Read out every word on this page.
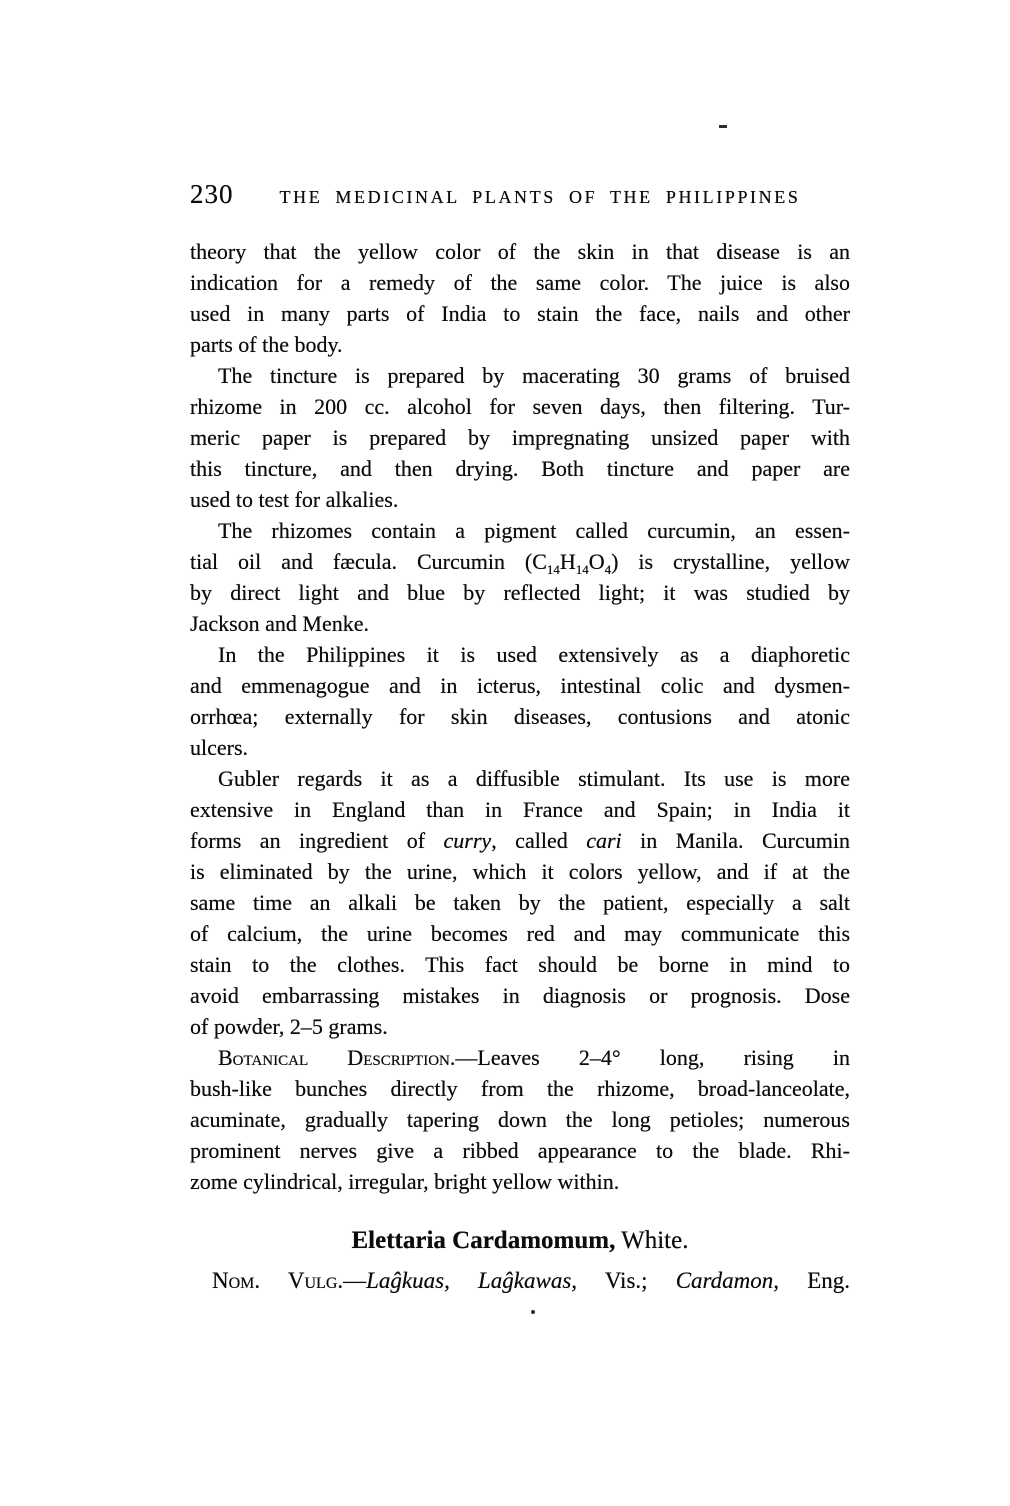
230	THE MEDICINAL PLANTS OF THE PHILIPPINES
theory that the yellow color of the skin in that disease is an
indication for a remedy of the same color. The juice is also
used in many parts of India to stain the face, nails and other
parts of the body.
The tincture is prepared by macerating 30 grams of bruised
rhizome in 200 cc. alcohol for seven days, then filtering. Tur-
meric paper is prepared by impregnating unsized paper with
this tincture, and then drying. Both tincture and paper are
used to test for alkalies.
The rhizomes contain a pigment called curcumin, an essen-
tial oil and fæcula. Curcumin $(C_{14}H_{14}O_4)$ is crystalline, yellow
by direct light and blue by reflected light; it was studied by
Jackson and Menke.
In the Philippines it is used extensively as a diaphoretic
and emmenagogue and in icterus, intestinal colic and dysmen-
orrhœa; externally for skin diseases, contusions and atonic
ulcers.
Gubler regards it as a diffusible stimulant. Its use is more
extensive in England than in France and Spain; in India it
forms an ingredient of curry, called cari in Manila. Curcumin
is eliminated by the urine, which it colors yellow, and if at the
same time an alkali be taken by the patient, especially a salt
of calcium, the urine becomes red and may communicate this
stain to the clothes. This fact should be borne in mind to
avoid embarrassing mistakes in diagnosis or prognosis. Dose
of powder, 2–5 grams.
Botanical Description.—Leaves 2–4° long, rising in
bush-like bunches directly from the rhizome, broad-lanceolate,
acuminate, gradually tapering down the long petioles; numerous
prominent nerves give a ribbed appearance to the blade. Rhi-
zome cylindrical, irregular, bright yellow within.
Elettaria Cardamomum, White.
Nom. Vulg.—Laĝkuas, Laĝkawas, Vis.; Cardamon, Eng.
